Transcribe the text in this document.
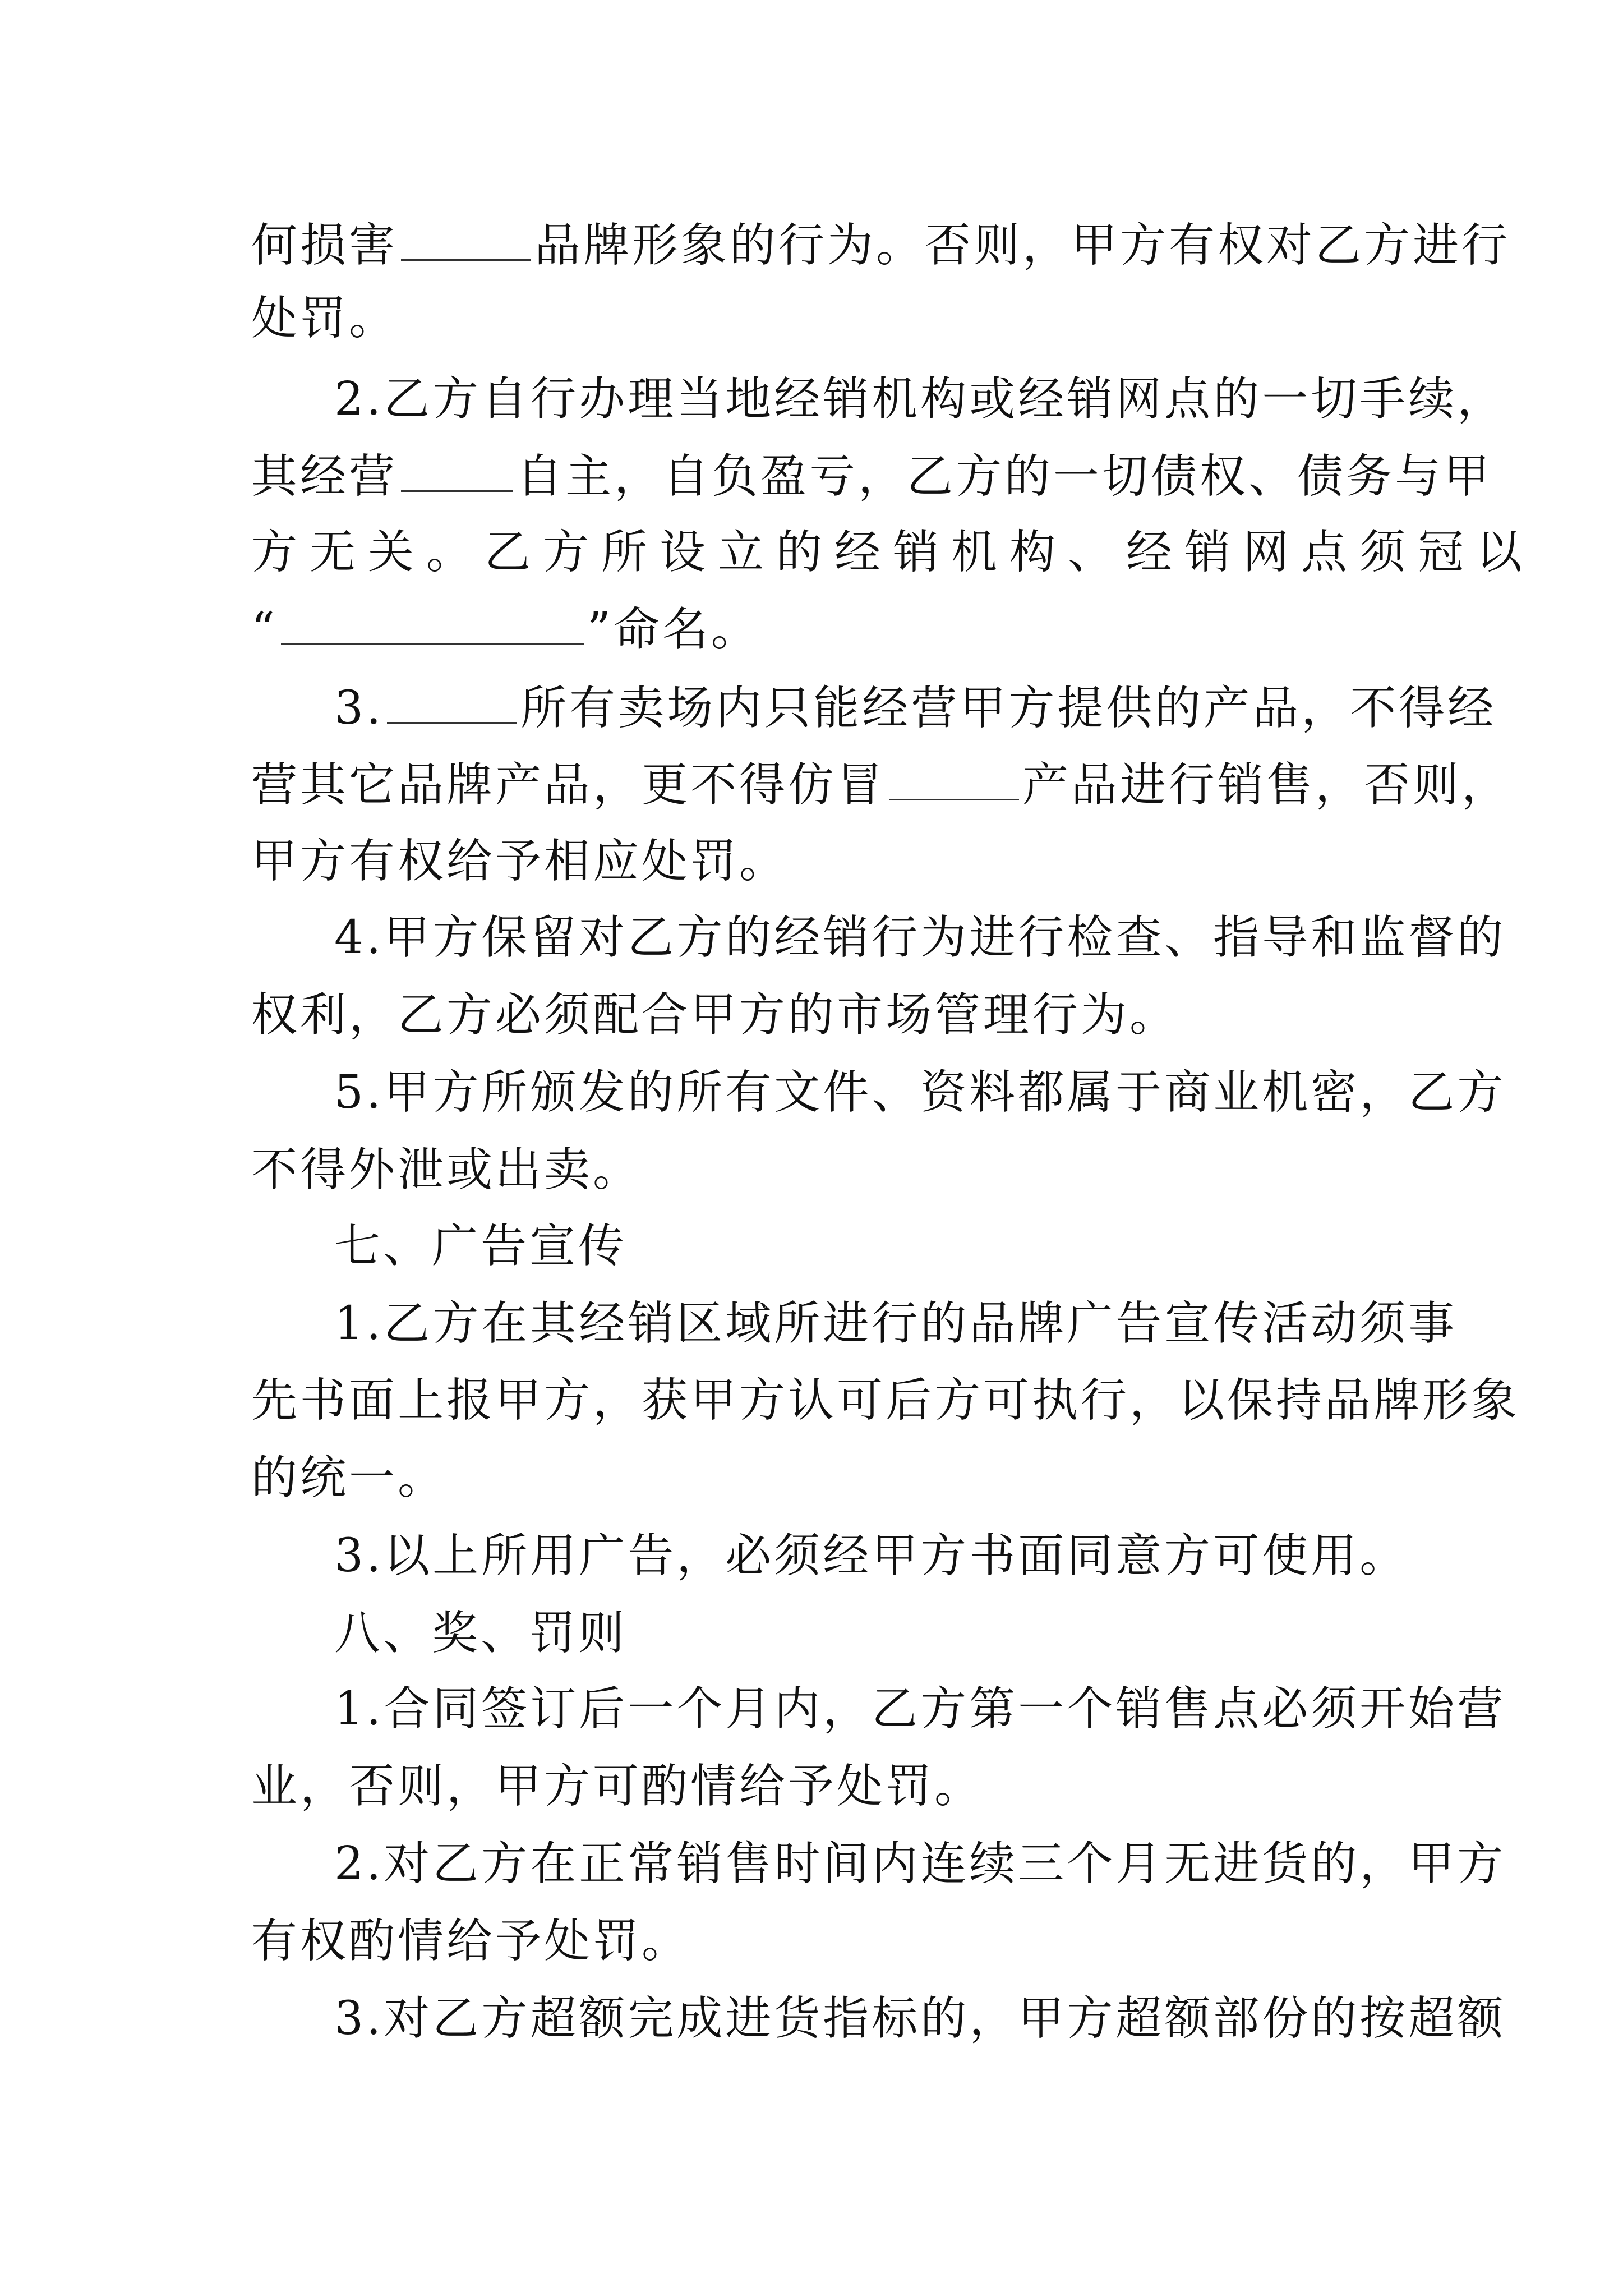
何损害	品牌形象的行为。否则，甲方有权对乙方进行
处罚。
2.乙方自行办理当地经销机构或经销网点的一切手续，
其经营	自主，自负盈亏，乙方的一切债权、债务与甲
方无关。乙方所设立的经销机构、经销网点须冠以
“	”命名。
3.	所有卖场内只能经营甲方提供的产品，不得经
营其它品牌产品，更不得仿冒	产品进行销售，否则，
甲方有权给予相应处罚。
4.甲方保留对乙方的经销行为进行检查、指导和监督的
权利，乙方必须配合甲方的市场管理行为。
5.甲方所颁发的所有文件、资料都属于商业机密，乙方
不得外泄或出卖。
七、广告宣传
1.乙方在其经销区域所进行的品牌广告宣传活动须事
先书面上报甲方，获甲方认可后方可执行，以保持品牌形象
的统一。
3.以上所用广告，必须经甲方书面同意方可使用。
八、奖、罚则
1.合同签订后一个月内，乙方第一个销售点必须开始营
业，否则，甲方可酌情给予处罚。
2.对乙方在正常销售时间内连续三个月无进货的，甲方
有权酌情给予处罚。
3.对乙方超额完成进货指标的，甲方超额部份的按超额
